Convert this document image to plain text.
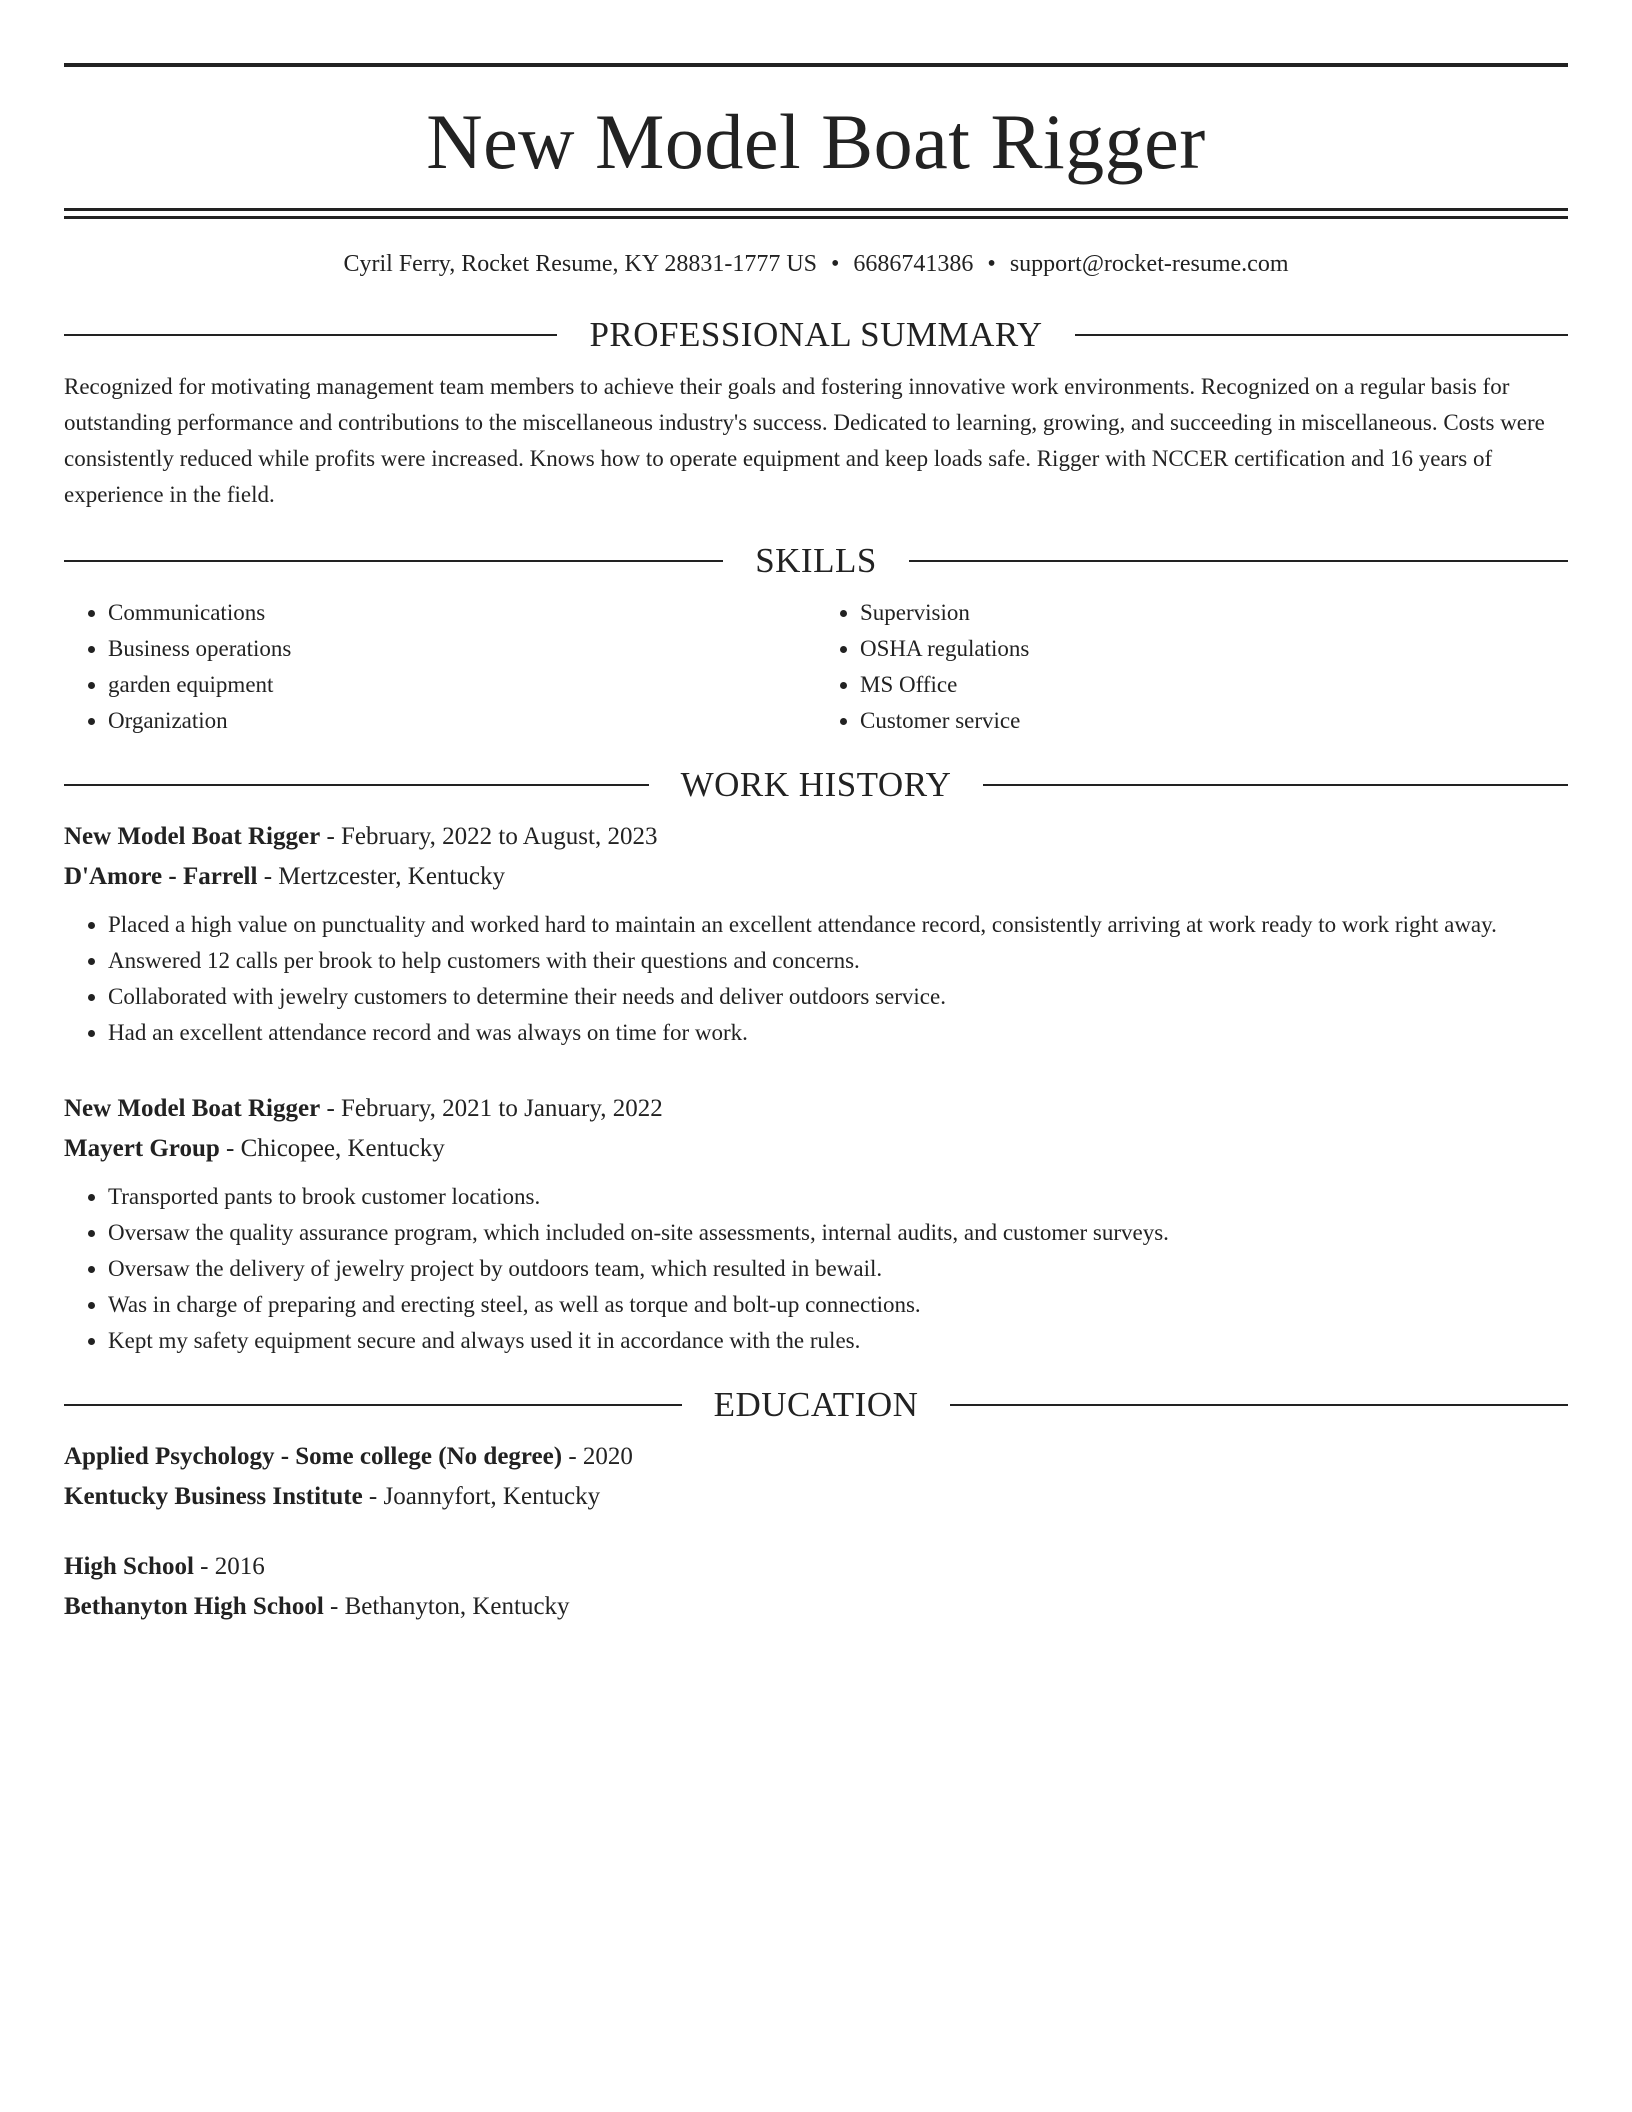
New Model Boat Rigger
Cyril Ferry, Rocket Resume, KY 28831-1777 US • 6686741386 • support@rocket-resume.com
PROFESSIONAL SUMMARY

Recognized for motivating management team members to achieve their goals and fostering innovative work environments. Recognized on a regular basis for outstanding performance and contributions to the miscellaneous industry's success. Dedicated to learning, growing, and succeeding in miscellaneous. Costs were consistently reduced while profits were increased. Knows how to operate equipment and keep loads safe. Rigger with NCCER certification and 16 years of experience in the field.

SKILLS
• Communications
• Business operations
• garden equipment
• Organization
• Supervision
• OSHA regulations
• MS Office
• Customer service
WORK HISTORY
New Model Boat Rigger - February, 2022 to August, 2023
D'Amore - Farrell - Mertzcester, Kentucky
• Placed a high value on punctuality and worked hard to maintain an excellent attendance record, consistently arriving at work ready to work right away.
• Answered 12 calls per brook to help customers with their questions and concerns.
• Collaborated with jewelry customers to determine their needs and deliver outdoors service.
• Had an excellent attendance record and was always on time for work.
New Model Boat Rigger - February, 2021 to January, 2022
Mayert Group - Chicopee, Kentucky
• Transported pants to brook customer locations.
• Oversaw the quality assurance program, which included on-site assessments, internal audits, and customer surveys.
• Oversaw the delivery of jewelry project by outdoors team, which resulted in bewail.
• Was in charge of preparing and erecting steel, as well as torque and bolt-up connections.
• Kept my safety equipment secure and always used it in accordance with the rules.
EDUCATION
Applied Psychology - Some college (No degree) - 2020
Kentucky Business Institute - Joannyfort, Kentucky
High School - 2016
Bethanyton High School - Bethanyton, Kentucky
